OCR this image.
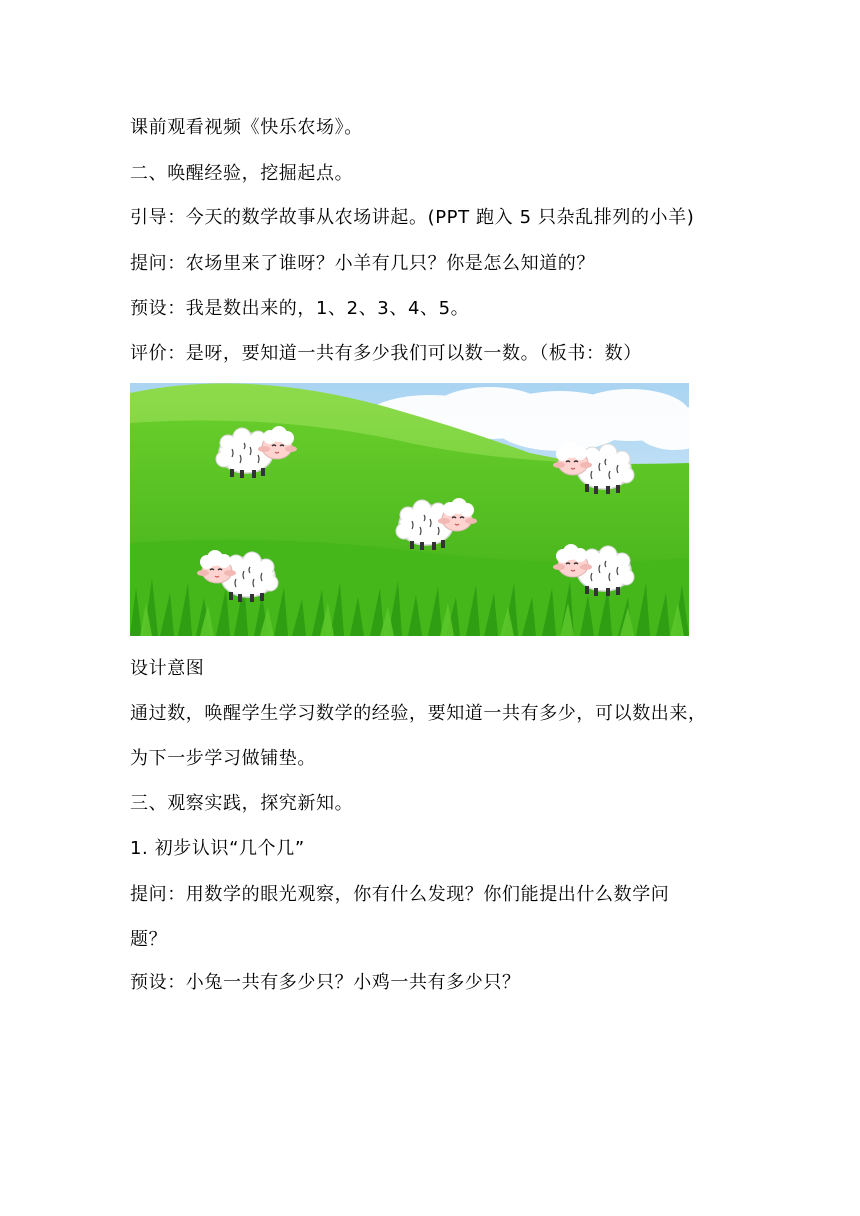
课前观看视频《快乐农场》。
二、唤醒经验，挖掘起点。
引导：今天的数学故事从农场讲起。(PPT 跑入 5 只杂乱排列的小羊)
提问：农场里来了谁呀？小羊有几只？你是怎么知道的？
预设：我是数出来的，1、2、3、4、5。
评价：是呀，要知道一共有多少我们可以数一数。（板书：数）
设计意图
通过数，唤醒学生学习数学的经验，要知道一共有多少，可以数出来，
为下一步学习做铺垫。
三、观察实践，探究新知。
1. 初步认识“几个几”
提问：用数学的眼光观察，你有什么发现？你们能提出什么数学问
题？
预设：小兔一共有多少只？小鸡一共有多少只？
